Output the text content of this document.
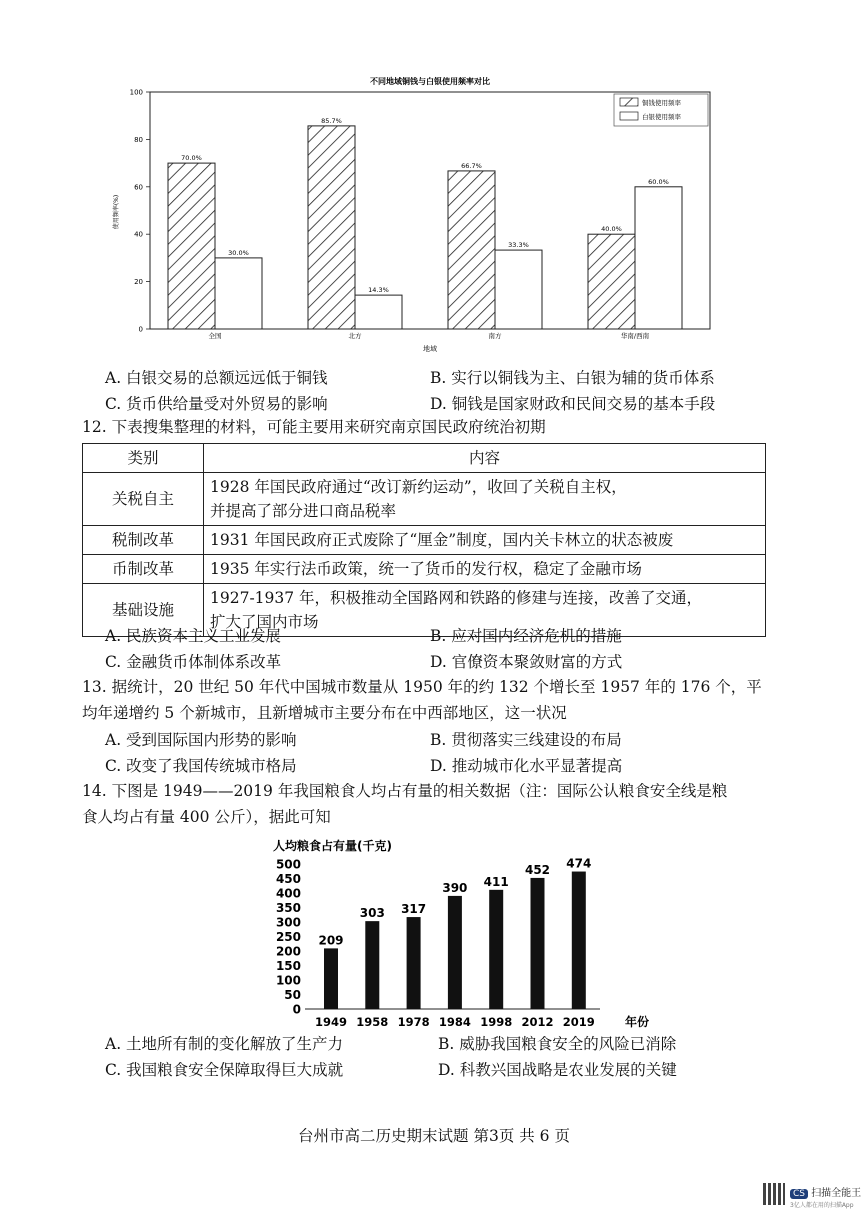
不同地域铜钱与白银使用频率对比
0
20
40
60
80
100
使用频率(%)
70.0%
30.0%
85.7%
14.3%
66.7%
33.3%
40.0%
60.0%
全国	北方	南方	华南/西南
地域
铜钱使用频率
白银使用频率
A. 白银交易的总额远远低于铜钱	B. 实行以铜钱为主、白银为辅的货币体系
C. 货币供给量受对外贸易的影响	D. 铜钱是国家财政和民间交易的基本手段
12. 下表搜集整理的材料，可能主要用来研究南京国民政府统治初期
类别	内容
关税自主	1928 年国民政府通过“改订新约运动”，收回了关税自主权，
并提高了部分进口商品税率

税制改革	1931 年国民政府正式废除了“厘金”制度，国内关卡林立的状态被废
币制改革	1935 年实行法币政策，统一了货币的发行权，稳定了金融市场
基础设施	1927-1937 年，积极推动全国路网和铁路的修建与连接，改善了交通，
扩大了国内市场
A. 民族资本主义工业发展	B. 应对国内经济危机的措施
C. 金融货币体制体系改革	D. 官僚资本聚敛财富的方式
13. 据统计，20 世纪 50 年代中国城市数量从 1950 年的约 132 个增长至 1957 年的 176 个，平
均年递增约 5 个新城市，且新增城市主要分布在中西部地区，这一状况
A. 受到国际国内形势的影响	B. 贯彻落实三线建设的布局
C. 改变了我国传统城市格局	D. 推动城市化水平显著提高
14. 下图是 1949——2019 年我国粮食人均占有量的相关数据（注：国际公认粮食安全线是粮
食人均占有量 400 公斤），据此可知
人均粮食占有量(千克)
0
50
100
150
200
250
300
350
400
450
500
209
303 317
390 411
452 474
1949 1958 1978 1984 1998 2012 2019	年份
A. 土地所有制的变化解放了生产力	B. 威胁我国粮食安全的风险已消除
C. 我国粮食安全保障取得巨大成就	D. 科教兴国战略是农业发展的关键
台州市高二历史期末试题 第3页 共 6 页
CS 扫描全能王
3亿人都在用的扫描App
